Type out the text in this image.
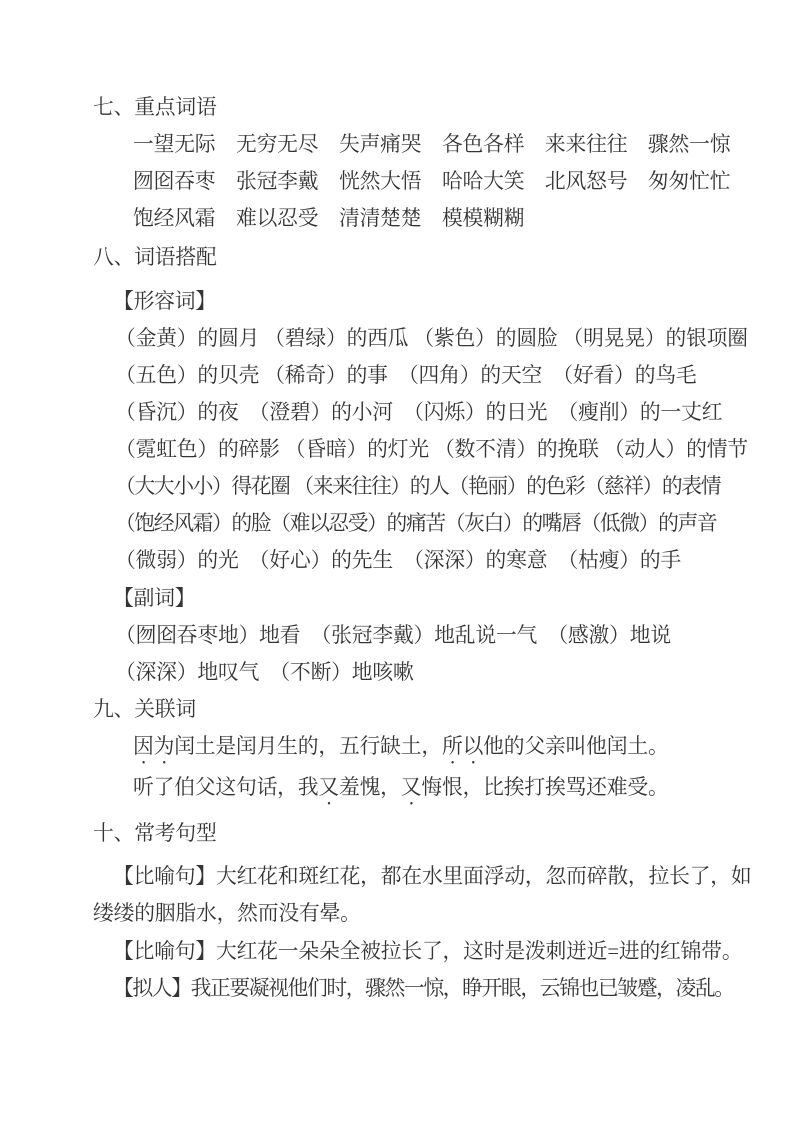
七、重点词语
一望无际　无穷无尽　失声痛哭　各色各样　来来往往　骤然一惊
囫囵吞枣　张冠李戴　恍然大悟　哈哈大笑　北风怒号　匆匆忙忙
饱经风霜　难以忍受　清清楚楚　模模糊糊
八、词语搭配
【形容词】
（金黄）的圆月 （碧绿）的西瓜 （紫色）的圆脸 （明晃晃）的银项圈
（五色）的贝壳 （稀奇）的事　（四角）的天空　（好看）的鸟毛
（昏沉）的夜　（澄碧）的小河　（闪烁）的日光　（瘦削）的一丈红
（霓虹色）的碎影 （昏暗）的灯光 （数不清）的挽联 （动人）的情节
（大大小小）得花圈 （来来往往）的人（艳丽）的色彩（慈祥）的表情
（饱经风霜）的脸（难以忍受）的痛苦（灰白）的嘴唇（低微）的声音
（微弱）的光　（好心）的先生　（深深）的寒意　（枯瘦）的手
【副词】
（囫囵吞枣地）地看　（张冠李戴）地乱说一气　（感激）地说
（深深）地叹气　（不断）地咳嗽
九、关联词
因为闰土是闰月生的，五行缺土，所以他的父亲叫他闰土。
听了伯父这句话，我又羞愧，又悔恨，比挨打挨骂还难受。
十、常考句型
【比喻句】大红花和斑红花，都在水里面浮动，忽而碎散，拉长了，如
缕缕的胭脂水，然而没有晕。
【比喻句】大红花一朵朵全被拉长了，这时是泼刺迸近=进的红锦带。
【拟人】我正要凝视他们时，骤然一惊，睁开眼，云锦也已皱蹙，凌乱。
